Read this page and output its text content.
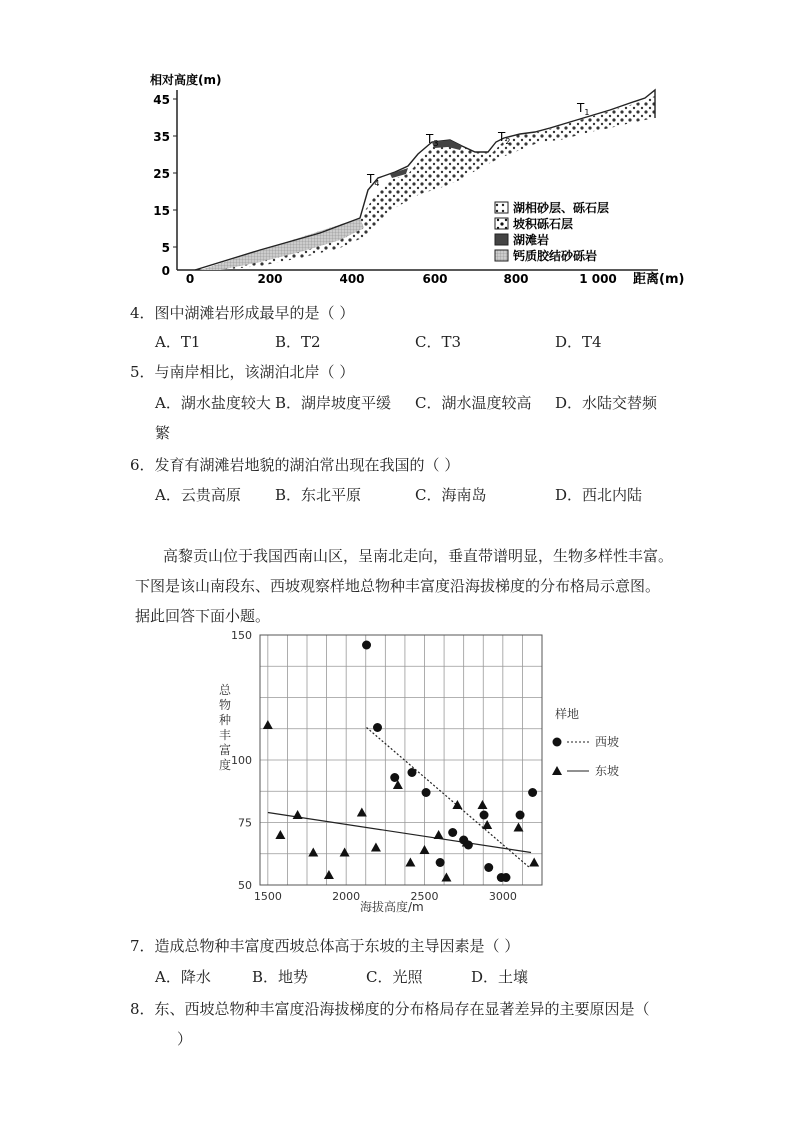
相对高度(m)
0
5
15
25
35
45
0	200	400	600	800	1 000 距离(m)
$T_1$
$T_2$
$T_3$
$T_4$
湖相砂层、砾石层
坡积砾石层
湖滩岩
钙质胶结砂砾岩
4．图中湖滩岩形成最早的是（ ）
A．T1	B．T2	C．T3	D．T4
5．与南岸相比，该湖泊北岸（ ）
A．湖水盐度较大 B．湖岸坡度平缓 C．湖水温度较高 D．水陆交替频
繁
6．发育有湖滩岩地貌的湖泊常出现在我国的（ ）
A．云贵高原 B．东北平原	C．海南岛	D．西北内陆
高黎贡山位于我国西南山区，呈南北走向，垂直带谱明显，生物多样性丰富。
下图是该山南段东、西坡观察样地总物种丰富度沿海拔梯度的分布格局示意图。
据此回答下面小题。
50
75
100
150
1500	2000	2500	3000
总物种丰富度
海拔高度/m
样地
西坡
东坡
7．造成总物种丰富度西坡总体高于东坡的主导因素是（ ）
A．降水	B．地势	C．光照	D．土壤
8．东、西坡总物种丰富度沿海拔梯度的分布格局存在显著差异的主要原因是（
）
